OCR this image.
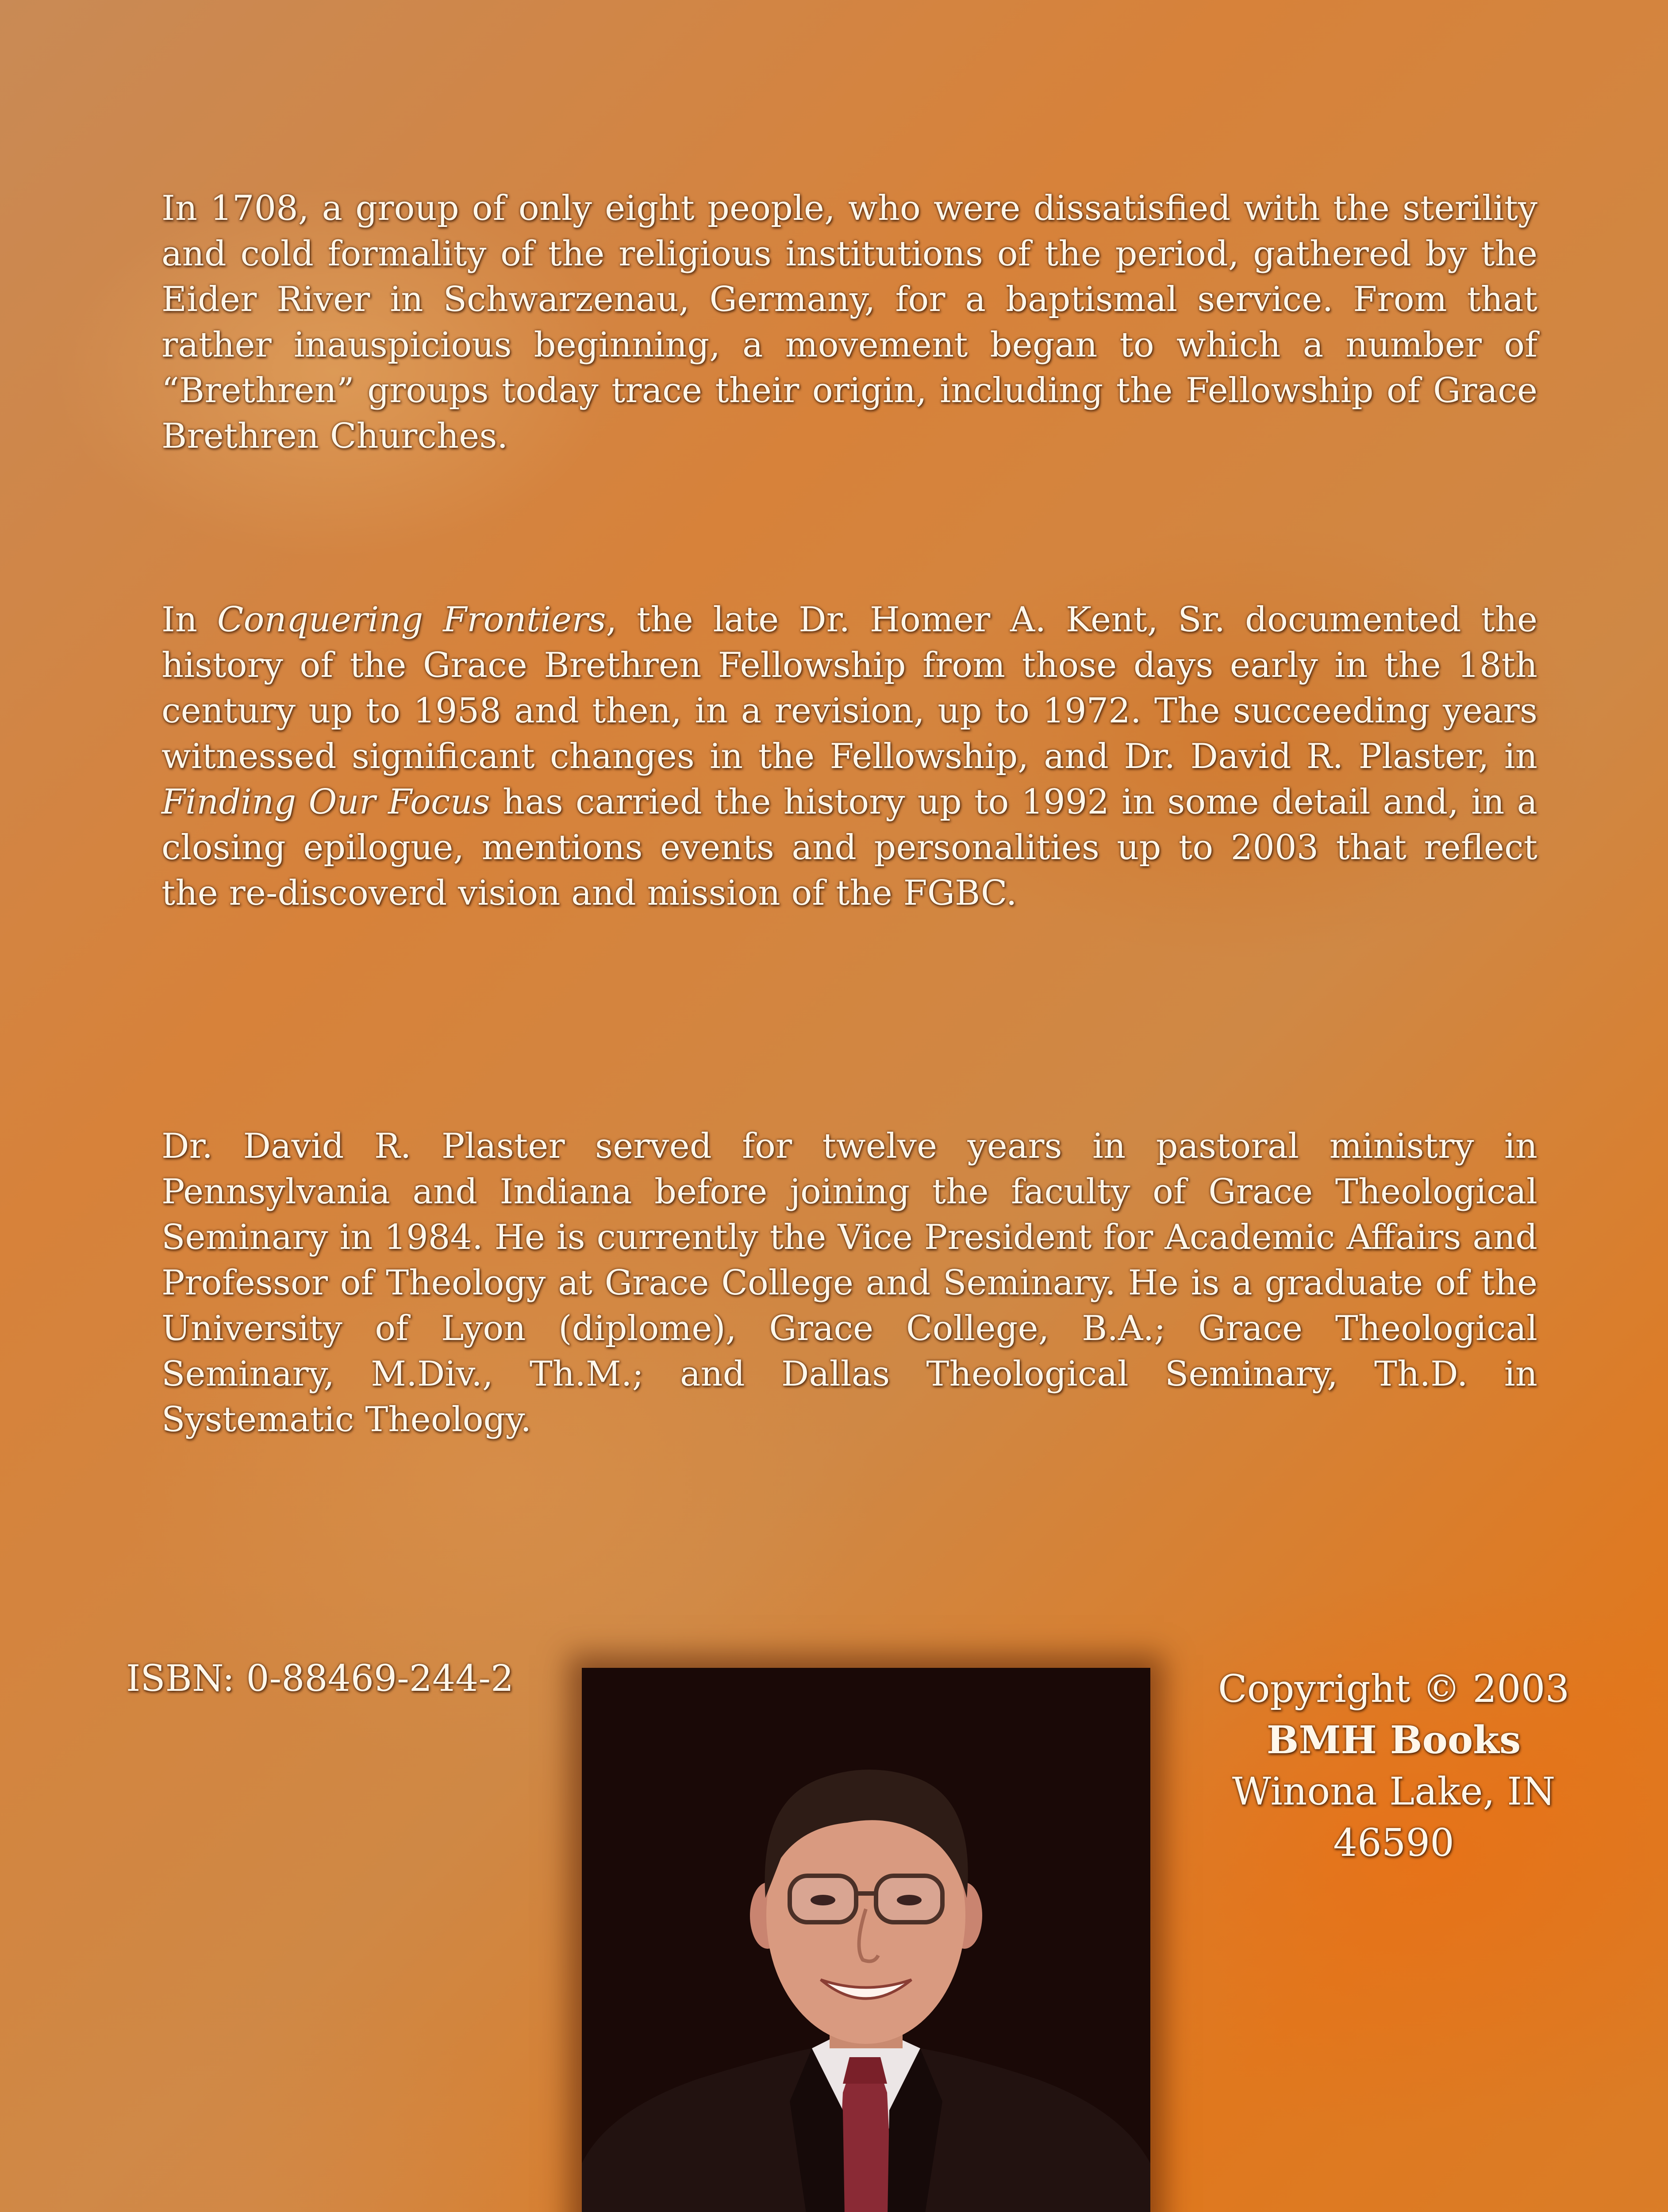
In 1708, a group of only eight people, who were dissatisfied with the sterility and cold formality of the religious institutions of the period, gathered by the Eider River in Schwarzenau, Germany, for a baptismal service. From that rather inauspicious beginning, a movement began to which a number of “Brethren” groups today trace their origin, including the Fellowship of Grace Brethren Churches.

In Conquering Frontiers, the late Dr. Homer A. Kent, Sr. documented the history of the Grace Brethren Fellowship from those days early in the 18th century up to 1958 and then, in a revision, up to 1972. The succeeding years witnessed significant changes in the Fellowship, and Dr. David R. Plaster, in Finding Our Focus has carried the history up to 1992 in some detail and, in a closing epilogue, mentions events and personalities up to 2003 that reflect the re-discoverd vision and mission of the FGBC.

Dr. David R. Plaster served for twelve years in pastoral ministry in Pennsylvania and Indiana before joining the faculty of Grace Theological Seminary in 1984. He is currently the Vice President for Academic Affairs and Professor of Theology at Grace College and Seminary. He is a graduate of the University of Lyon (diplome), Grace College, B.A.; Grace Theological Seminary, M.Div., Th.M.; and Dallas Theological Seminary, Th.D. in Systematic Theology.

ISBN: 0-88469-244-2	Copyright © 2003
BMH Books
Winona Lake, IN 46590
